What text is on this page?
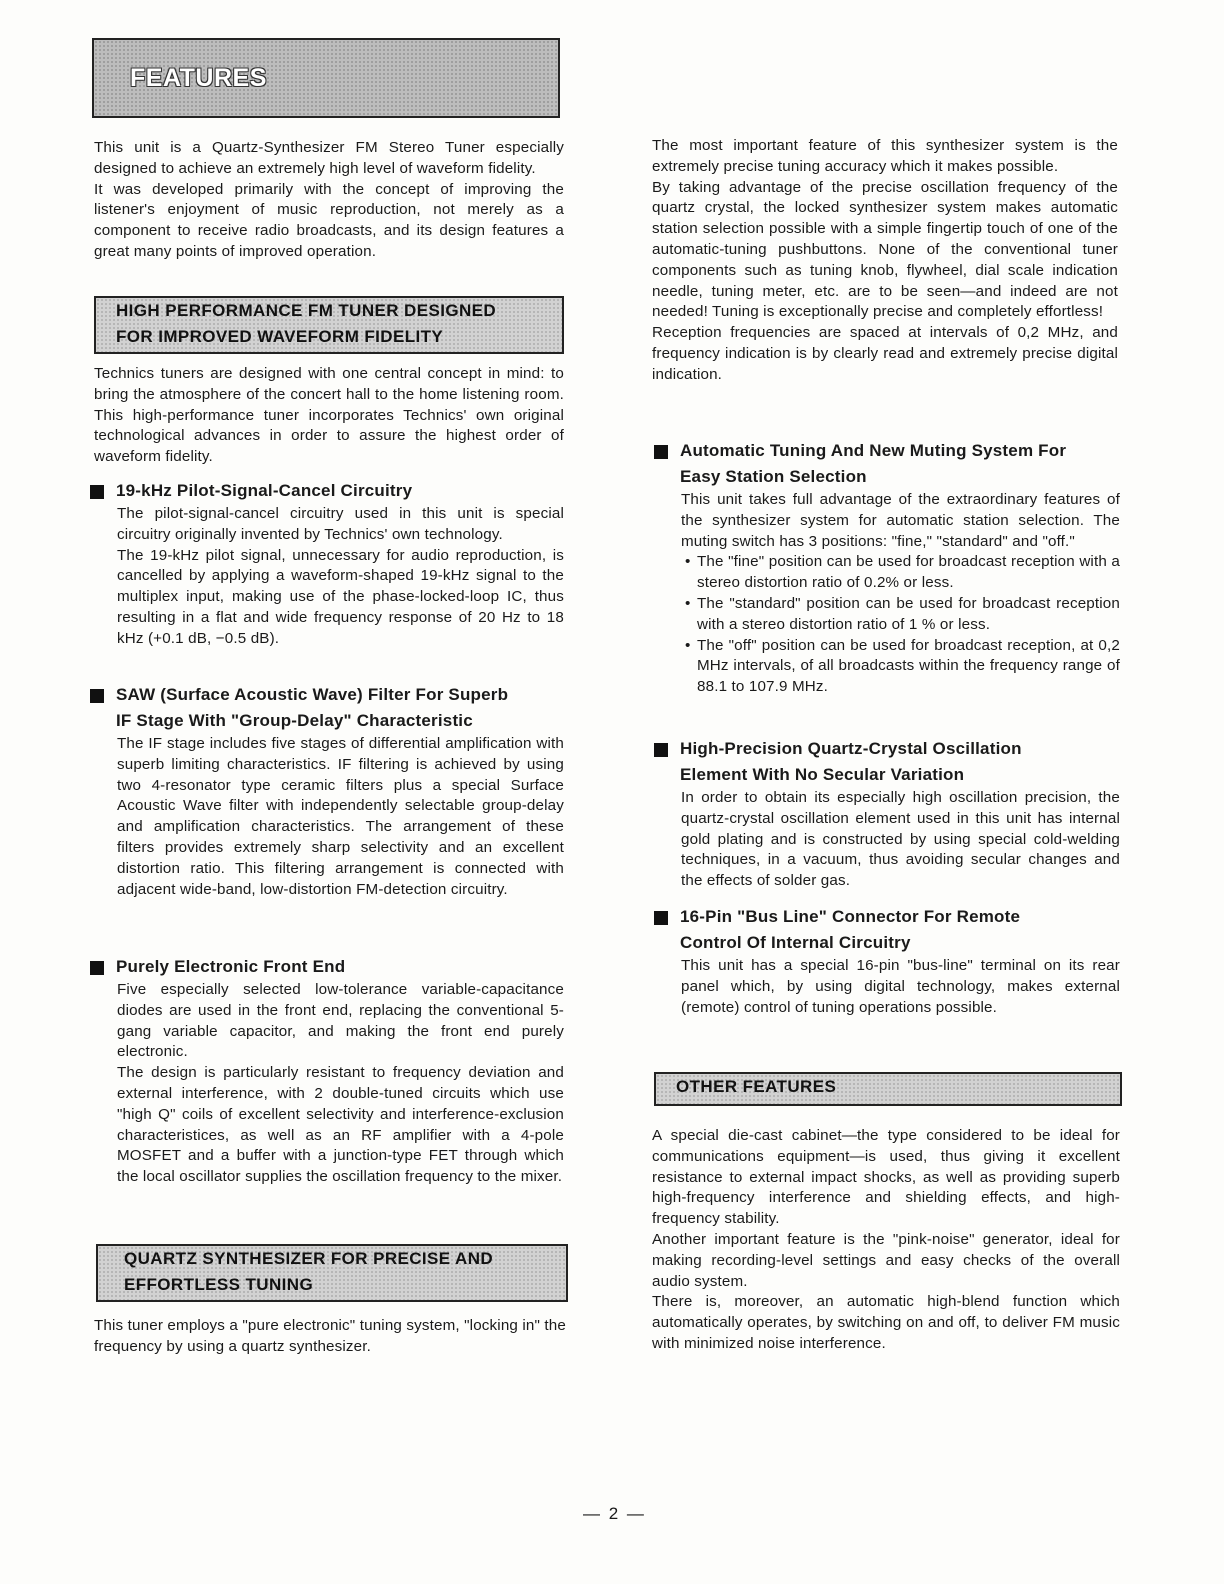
FEATURES

This unit is a Quartz-Synthesizer FM Stereo Tuner especially designed to achieve an extremely high level of waveform fidelity.

It was developed primarily with the concept of improving the listener's enjoyment of music reproduction, not merely as a component to receive radio broadcasts, and its design features a great many points of improved operation.

HIGH PERFORMANCE FM TUNER DESIGNED
FOR IMPROVED WAVEFORM FIDELITY

Technics tuners are designed with one central concept in mind: to bring the atmosphere of the concert hall to the home listening room. This high-performance tuner incorporates Technics' own original technological advances in order to assure the highest order of waveform fidelity.

19-kHz Pilot-Signal-Cancel Circuitry

The pilot-signal-cancel circuitry used in this unit is special circuitry originally invented by Technics' own technology.

The 19-kHz pilot signal, unnecessary for audio reproduction, is cancelled by applying a waveform-shaped 19-kHz signal to the multiplex input, making use of the phase-locked-loop IC, thus resulting in a flat and wide frequency response of 20 Hz to 18 kHz (+0.1 dB, −0.5 dB).

SAW (Surface Acoustic Wave) Filter For Superb
IF Stage With "Group-Delay" Characteristic

The IF stage includes five stages of differential amplification with superb limiting characteristics. IF filtering is achieved by using two 4-resonator type ceramic filters plus a special Surface Acoustic Wave filter with independently selectable group-delay and amplification characteristics. The arrangement of these filters provides extremely sharp selectivity and an excellent distortion ratio. This filtering arrangement is connected with adjacent wide-band, low-distortion FM-detection circuitry.

Purely Electronic Front End

Five especially selected low-tolerance variable-capacitance diodes are used in the front end, replacing the conventional 5-gang variable capacitor, and making the front end purely electronic.

The design is particularly resistant to frequency deviation and external interference, with 2 double-tuned circuits which use "high Q" coils of excellent selectivity and interference-exclusion characteristices, as well as an RF amplifier with a 4-pole MOSFET and a buffer with a junction-type FET through which the local oscillator supplies the oscillation frequency to the mixer.

QUARTZ SYNTHESIZER FOR PRECISE AND
EFFORTLESS TUNING

This tuner employs a "pure electronic" tuning system, "locking in" the frequency by using a quartz synthesizer.

The most important feature of this synthesizer system is the extremely precise tuning accuracy which it makes possible.

By taking advantage of the precise oscillation frequency of the quartz crystal, the locked synthesizer system makes automatic station selection possible with a simple fingertip touch of one of the automatic-tuning pushbuttons. None of the conventional tuner components such as tuning knob, flywheel, dial scale indication needle, tuning meter, etc. are to be seen—and indeed are not needed! Tuning is exceptionally precise and completely effortless!

Reception frequencies are spaced at intervals of 0,2 MHz, and frequency indication is by clearly read and extremely precise digital indication.

Automatic Tuning And New Muting System For
Easy Station Selection

This unit takes full advantage of the extraordinary features of the synthesizer system for automatic station selection. The muting switch has 3 positions: "fine," "standard" and "off."

• The "fine" position can be used for broadcast reception with a stereo distortion ratio of 0.2% or less.

• The "standard" position can be used for broadcast reception with a stereo distortion ratio of 1 % or less.

• The "off" position can be used for broadcast reception, at 0,2 MHz intervals, of all broadcasts within the frequency range of 88.1 to 107.9 MHz.

High-Precision Quartz-Crystal Oscillation
Element With No Secular Variation

In order to obtain its especially high oscillation precision, the quartz-crystal oscillation element used in this unit has internal gold plating and is constructed by using special cold-welding techniques, in a vacuum, thus avoiding secular changes and the effects of solder gas.

16-Pin "Bus Line" Connector For Remote
Control Of Internal Circuitry

This unit has a special 16-pin "bus-line" terminal on its rear panel which, by using digital technology, makes external (remote) control of tuning operations possible.

OTHER FEATURES

A special die-cast cabinet—the type considered to be ideal for communications equipment—is used, thus giving it excellent resistance to external impact shocks, as well as providing superb high-frequency interference and shielding effects, and high-frequency stability.

Another important feature is the "pink-noise" generator, ideal for making recording-level settings and easy checks of the overall audio system.

There is, moreover, an automatic high-blend function which automatically operates, by switching on and off, to deliver FM music with minimized noise interference.

— 2 —
